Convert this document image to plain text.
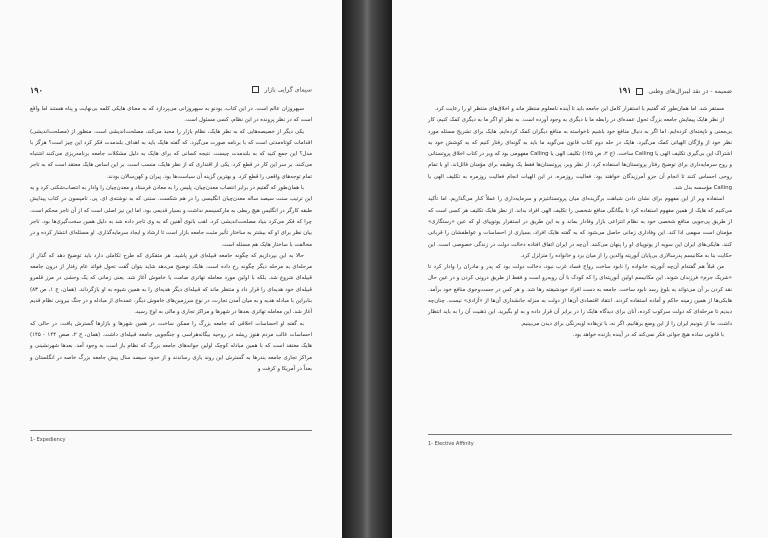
سیمای گرایی بازار
١٩٠

سپهروزان عالم است. در این کتاب، بودنو به سپهروزانی می‌پردازد که به معنای هایکی کلمه بی‌نهایت و پناه هستند اما واقع است که در نظر پرونده در این نظام، کسی مسئول است.

یکی دیگر از خصیصه‌هایی که به نظر هایک، نظام بازار را محبذ می‌کند، مصلحت‌اندیشی است. منظور از (مصلحت‌اندیشی) اقدامات کوتاه‌مدتی است که با برنامه صورت می‌گیرد. که گفته هایک باید به اهداف بلندمدت فکر کرد این چیز است؟ هرگز با مدل؟ این جمع کنید که به بلندمدت چیست. نتیجه کسانی که برای هایک به دلیل مشکلات جامعه برنامه‌ریزی می‌کنند اشتباه می‌کنند. بر سر این کار در قطع کرد. یکی از اقتداری که از نظر هایک، منسب است. بر این اساس هایک معتقد است که به تاجر تمام توجه‌های واقعی را قطع کرد. و بهترین گزینه آن سیاست‌ها بود. پیران و کهن‌سالان بودند.

با همان‌طور که گفتیم در برابر انتصاب معدن‌چیان، پلیس را به معادن فرستاد و معدن‌چیان را وادار به انتصاب‌شکنی کرد و به این ترتیب سنت سیصد ساله معدن‌چیان انگلیسی را در هم شکست. سنتی که به نوشته‌ی ای. پی. تامپسون در کتاب پیدایش طبقه کارگر در انگلیس هیچ ربطی به مارکسیسم نداشت و بسیار قدیمی بود. اما این نیز اصلی است که از آن تاجر محکم است، چرا که فکر می‌کرد بنیاد مصلحت‌اندیشی کرد. لقب بانوی آهنین که به وی تاجر داده شد به دلیل همین سخت‌گیری‌ها بود. تاجر بیان نظر برای او که بیشتر به ساختار تأثیر مثبت جامعه بازار است تا ارشاد و ایجاد سرمایه‌گذاری. او مسئله‌ای انتشار کرده و در مخالفت با ساختار هایک هم مسئله است.

حالا به این بپردازیم که چگونه جامعه قبیله‌ای فرو پاشید. هر متفکری که طرح تکاملی دارد باید توضیح دهد که گذار از مرحله‌ای به مرحله دیگر چگونه رخ داده است. هایک توضیح می‌دهد شاید بتوان گفت تحول فوائد عام رفتار از درون جامعه قبیله‌ای شروع شد. بلکه با اولین مورد معامله تهاتری صامت یا خاموش آغاز شد. یعنی زمانی که یک وحشی در مرز قلمرو قبیله‌ای خود هدیه‌ای را قرار داد و منتظر ماند که قبیله‌ای دیگر هدیه‌ای را به همین شیوه به او بازگرداند. (همان، ج ۱، ص ۸۳) بنابراین با مبادله هدیه و به میان آمدن تجارت، در نوع سرزمین‌های خاموش دیگر، عمده‌ای از مبادله و در جنگ بیرونی نظام قدیم آغاز شد. این معامله تهاتری بعدها در شهرها و مراکز تجاری و مالی به اوج رسید.

به گفته او احساسات اخلاقی که جامعه بزرگ را ممکن ساخت، در همین شهرها و بازارها گسترش یافت. در حالی که احساسات غالب مردم هنوز ریشه در روحیه بیگانه‌هراسی و جنگجویی جامعه قبیله‌ای داشت. (همان، ج ۲، صص ۱۴۴ - ۱۴۵) هایک معتقد است که با همین مبادله کوچک اولین جوانه‌های جامعه بزرگ که نظام باز است به وجود آمد. بعدها شهرنشینی و مراکز تجاری جامعه بندرها به گسترش این روند یاری رساندند و از حدود سیصد سال پیش جامعه بزرگ خاصه در انگلستان و بعداً در آمریکا و کرفت و

1- Expediency
ضمیمه - در نقد لیبرال‌های وطنی  ١٩١

مستقر شد. اما همان‌طور که گفتیم با استقرار کامل این جامعه باید تا آینده نامعلوم منتظر ماند و اخلاق‌های منتظر او را رعایت کرد.

از نظر هایک پیمایش جامعه بزرگ تحول عمده‌ای در رابطه ما با دیگری به وجود آورده است. به نظر او اگر ما به دیگری کمک کنیم، کار بی‌معنی و ناپخته‌ای کرده‌ایم. اما اگر به دنبال منافع خود باشیم ناخواسته به منافع دیگران کمک کرده‌ایم. هایک برای تشریح مسئله مورد نظر خود از واژگان الهیاتی کمک می‌گیرد. هایک در حله دوم کتاب قانون می‌گوید ما باید به گونه‌ای رفتار کنیم که به کوشش خود به اشتراک این بی‌گیری تکلیف الهی یا Calling ساخت. (ج ۲، ص ۱۴۵) تکلیف الهی یا Calling مفهومی بود که وبر در کتاب اخلاق پروتستانی و روح سرمایه‌داری برای توضیح رفتار پروتستان‌ها استفاده کرد. از نظر وبر، پروتستان‌ها فقط یک وظیفه برای مؤمنان قائل‌اند. او با تمام روحی احساس کنند تا انجام آن جزو آمرزیدگان خواهند بود. فعالیت روزمره، در این الهیات انجام فعالیت روزمره به تکلیف الهی یا Calling مؤسسه بدل شد.

استفاده وبر از این مفهوم برای نشان دادن شباهت برگزیده‌ای میان پروتستانتیزم و سرمایه‌داری را عملاً کنار می‌گذاریم. اما تأکید می‌کنیم که هایک از همین مفهوم استفاده کرد تا بیگانگی منافع شخصی را تکلیف الهی افراد بداند. از نظر هایک تکلیف هر کسی است که از طریق پی‌جویی منافع شخصی خود به نظام انتزاعی بازار وفادار بماند و به این طریق در استقرار یوتوپیای او که عین «رستگاری» مؤمنان است سهمی ادا کند. این وفاداری زمانی حاصل می‌شود که به گفته هایک افراد، بسیاری از احساسات و عواطفشان را قربانی کنند. هایکی‌های ایران این سویه از یوتوپیای او را پنهان می‌کنند. آن‌چه در ایران اتفاق افتاده دخالت دولت در زندگی خصوصی است. این حکایت بنا به مکانیسم پدرسالاری بی‌پایان آنوریته والدین را از میان برد و خانواده را متزلزل کرد.

من قبلاً هم گفته‌ام آن‌چه آنوریته خانواده را نابود ساخت رواج فساد غرب نبود، دخالت دولت بود که پدر و مادران را وادار کرد تا «شریک جرم» فرزندان شوند. این مکانیسم اولین آنوریته‌ای را که کودک با آن روبه‌رو است و فقط از طریق درونی کردن و در عین حال نقد کردن بر آن می‌تواند به بلوغ رسد نابود ساخت. جامعه به دست افراد خودشیفته رها شد. و هر کس در جست‌وجوی منافع خود برآمد. هایکی‌ها از همین زمینه حاکم و آماده استفاده کردند. انتقاد اقتصادی آن‌ها از دولت به منزله جانشداری آن‌ها از «آزادی» نیست. چنان‌چه دیدیم تا مرحله‌ای که دولت سرکوب کرده، آنان برای دیدگاه هایک را در برابر آن قرار داده و به او بگیرید. این ذهنیت آن را به باید انتظار داشت. ما از بتونیم ایران را از این وضع برهانیم. اگر نه، با تن‌هاده اوبه‌رنگی برای دیدن می‌بینیم.

با قانونی ساده هیچ جوانی فکر نمی‌کند که در آینده بازنده خواهد بود.

1- Elective Affinity
